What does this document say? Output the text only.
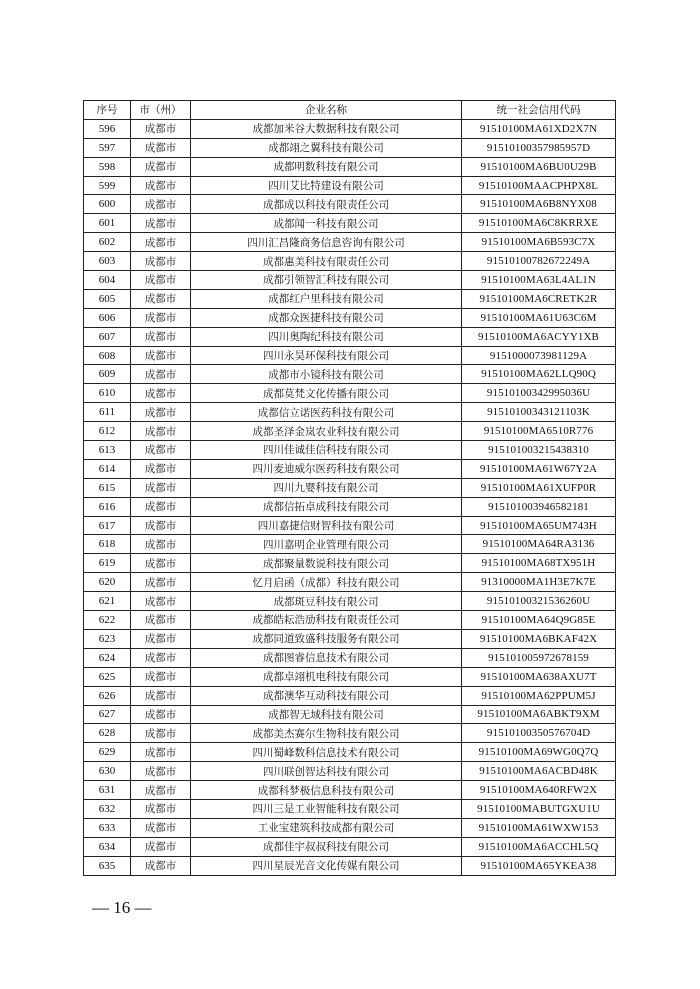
序号	市（州）	企业名称	统一社会信用代码
596	成都市	成都加米谷大数据科技有限公司	91510100MA61XD2X7N
597	成都市	成都翊之翼科技有限公司	91510100357985957D
598	成都市	成都明数科技有限公司	91510100MA6BU0U29B
599	成都市	四川艾比特建设有限公司	91510100MAACPHPX8L
600	成都市	成都成以科技有限责任公司	91510100MA6B8NYX08
601	成都市	成都闻一科技有限公司	91510100MA6C8KRRXE
602	成都市	四川汇昌隆商务信息咨询有限公司	91510100MA6B593C7X
603	成都市	成都惠美科技有限责任公司	91510100782672249A
604	成都市	成都引领智汇科技有限公司	91510100MA63L4AL1N
605	成都市	成都红户里科技有限公司	91510100MA6CRETK2R
606	成都市	成都众医捷科技有限公司	91510100MA61U63C6M
607	成都市	四川奥陶纪科技有限公司	91510100MA6ACYY1XB
608	成都市	四川永昊环保科技有限公司	9151000073981129A
609	成都市	成都市小镜科技有限公司	91510100MA62LLQ90Q
610	成都市	成都莫梵文化传播有限公司	91510100342995036U
611	成都市	成都信立诺医药科技有限公司	91510100343121103K
612	成都市	成都圣泽金岚农业科技有限公司	91510100MA6510R776
613	成都市	四川佳诚佳信科技有限公司	915101003215438310
614	成都市	四川麦迪威尔医药科技有限公司	91510100MA61W67Y2A
615	成都市	四川九婴科技有限公司	91510100MA61XUFP0R
616	成都市	成都信拓卓成科技有限公司	915101003946582181
617	成都市	四川嘉捷信财智科技有限公司	91510100MA65UM743H
618	成都市	四川嘉明企业管理有限公司	91510100MA64RA3136
619	成都市	成都聚量数说科技有限公司	91510100MA68TX951H
620	成都市	忆月启函（成都）科技有限公司	91310000MA1H3E7K7E
621	成都市	成都斑豆科技有限公司	91510100321536260U
622	成都市	成都皓耘浩劢科技有限责任公司	91510100MA64Q9G85E
623	成都市	成都同道致盛科技服务有限公司	91510100MA6BKAF42X
624	成都市	成都图睿信息技术有限公司	915101005972678159
625	成都市	成都卓翊机电科技有限公司	91510100MA638AXU7T
626	成都市	成都澳华互动科技有限公司	91510100MA62PPUM5J
627	成都市	成都智无域科技有限公司	91510100MA6ABKT9XM
628	成都市	成都美杰赛尔生物科技有限公司	91510100350576704D
629	成都市	四川蜀峰数科信息技术有限公司	91510100MA69WG0Q7Q
630	成都市	四川联创智达科技有限公司	91510100MA6ACBD48K
631	成都市	成都科梦极信息科技有限公司	91510100MA640RFW2X
632	成都市	四川三是工业智能科技有限公司	91510100MABUTGXU1U
633	成都市	工业宝建筑科技成都有限公司	91510100MA61WXW153
634	成都市	成都佳宇叔叔科技有限公司	91510100MA6ACCHL5Q
635	成都市	四川星辰光音文化传媒有限公司	91510100MA65YKEA38
— 16 —
